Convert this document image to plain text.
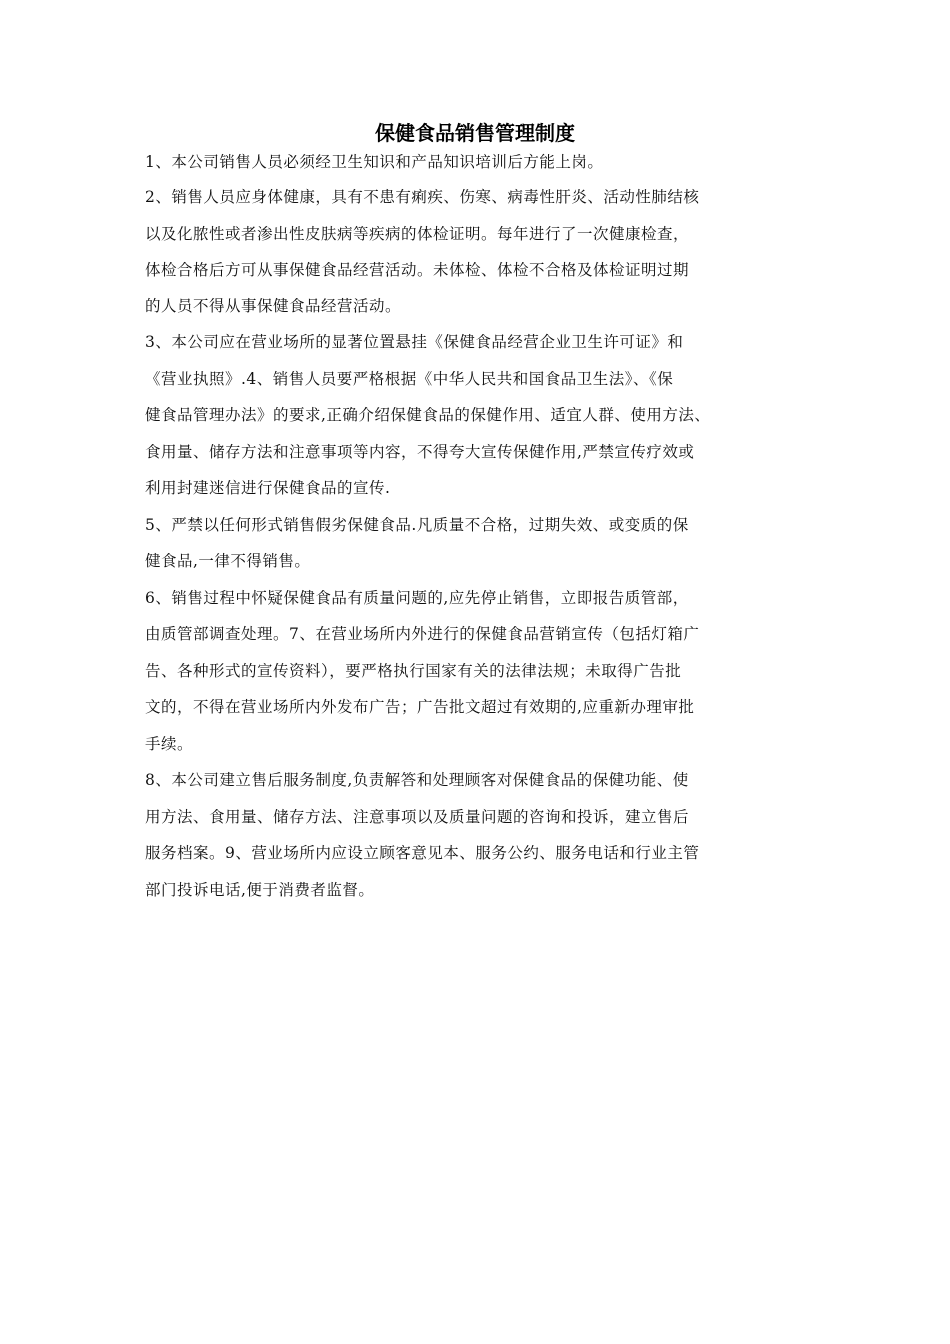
保健食品销售管理制度

1、本公司销售人员必须经卫生知识和产品知识培训后方能上岗。

2、销售人员应身体健康，具有不患有痢疾、伤寒、病毒性肝炎、活动性肺结核

以及化脓性或者渗出性皮肤病等疾病的体检证明。每年进行了一次健康检查，

体检合格后方可从事保健食品经营活动。未体检、体检不合格及体检证明过期

的人员不得从事保健食品经营活动。

3、本公司应在营业场所的显著位置悬挂《保健食品经营企业卫生许可证》和

《营业执照》.4、销售人员要严格根据《中华人民共和国食品卫生法》、《保

健食品管理办法》的要求,正确介绍保健食品的保健作用、适宜人群、使用方法、

食用量、储存方法和注意事项等内容，不得夸大宣传保健作用,严禁宣传疗效或

利用封建迷信进行保健食品的宣传.

5、严禁以任何形式销售假劣保健食品.凡质量不合格，过期失效、或变质的保

健食品,一律不得销售。

6、销售过程中怀疑保健食品有质量问题的,应先停止销售，立即报告质管部，

由质管部调查处理。7、在营业场所内外进行的保健食品营销宣传（包括灯箱广

告、各种形式的宣传资料），要严格执行国家有关的法律法规；未取得广告批

文的，不得在营业场所内外发布广告；广告批文超过有效期的,应重新办理审批

手续。

8、本公司建立售后服务制度,负责解答和处理顾客对保健食品的保健功能、使

用方法、食用量、储存方法、注意事项以及质量问题的咨询和投诉，建立售后

服务档案。9、营业场所内应设立顾客意见本、服务公约、服务电话和行业主管

部门投诉电话,便于消费者监督。
